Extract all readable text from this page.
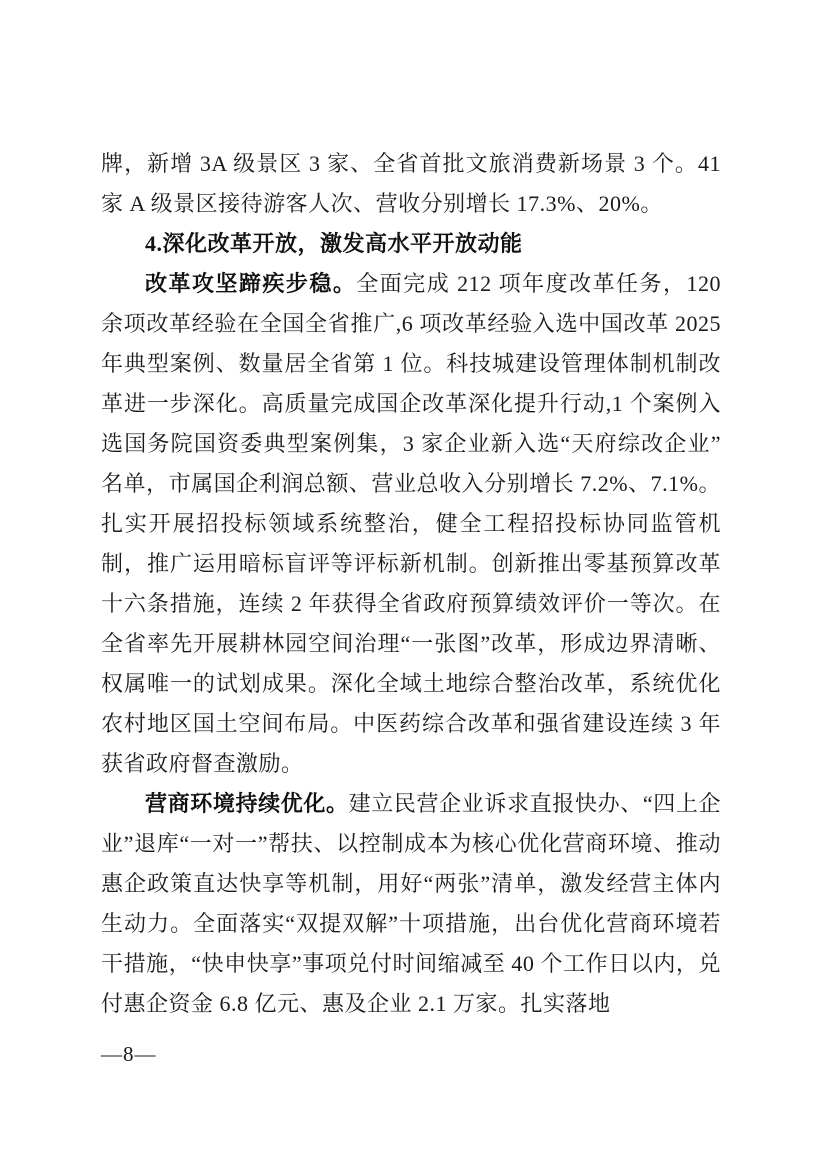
牌，新增 3A 级景区 3 家、全省首批文旅消费新场景 3 个。41 家 A 级景区接待游客人次、营收分别增长 17.3%、20%。

4.深化改革开放，激发高水平开放动能

改革攻坚蹄疾步稳。全面完成 212 项年度改革任务，120 余项改革经验在全国全省推广,6 项改革经验入选中国改革 2025 年典型案例、数量居全省第 1 位。科技城建设管理体制机制改革进一步深化。高质量完成国企改革深化提升行动,1 个案例入选国务院国资委典型案例集，3 家企业新入选“天府综改企业”名单，市属国企利润总额、营业总收入分别增长 7.2%、7.1%。扎实开展招投标领域系统整治，健全工程招投标协同监管机制，推广运用暗标盲评等评标新机制。创新推出零基预算改革十六条措施，连续 2 年获得全省政府预算绩效评价一等次。在全省率先开展耕林园空间治理“一张图”改革，形成边界清晰、权属唯一的试划成果。深化全域土地综合整治改革，系统优化农村地区国土空间布局。中医药综合改革和强省建设连续 3 年获省政府督查激励。

营商环境持续优化。建立民营企业诉求直报快办、“四上企业”退库“一对一”帮扶、以控制成本为核心优化营商环境、推动惠企政策直达快享等机制，用好“两张”清单，激发经营主体内生动力。全面落实“双提双解”十项措施，出台优化营商环境若干措施，“快申快享”事项兑付时间缩减至 40 个工作日以内，兑付惠企资金 6.8 亿元、惠及企业 2.1 万家。扎实落地

—8—
